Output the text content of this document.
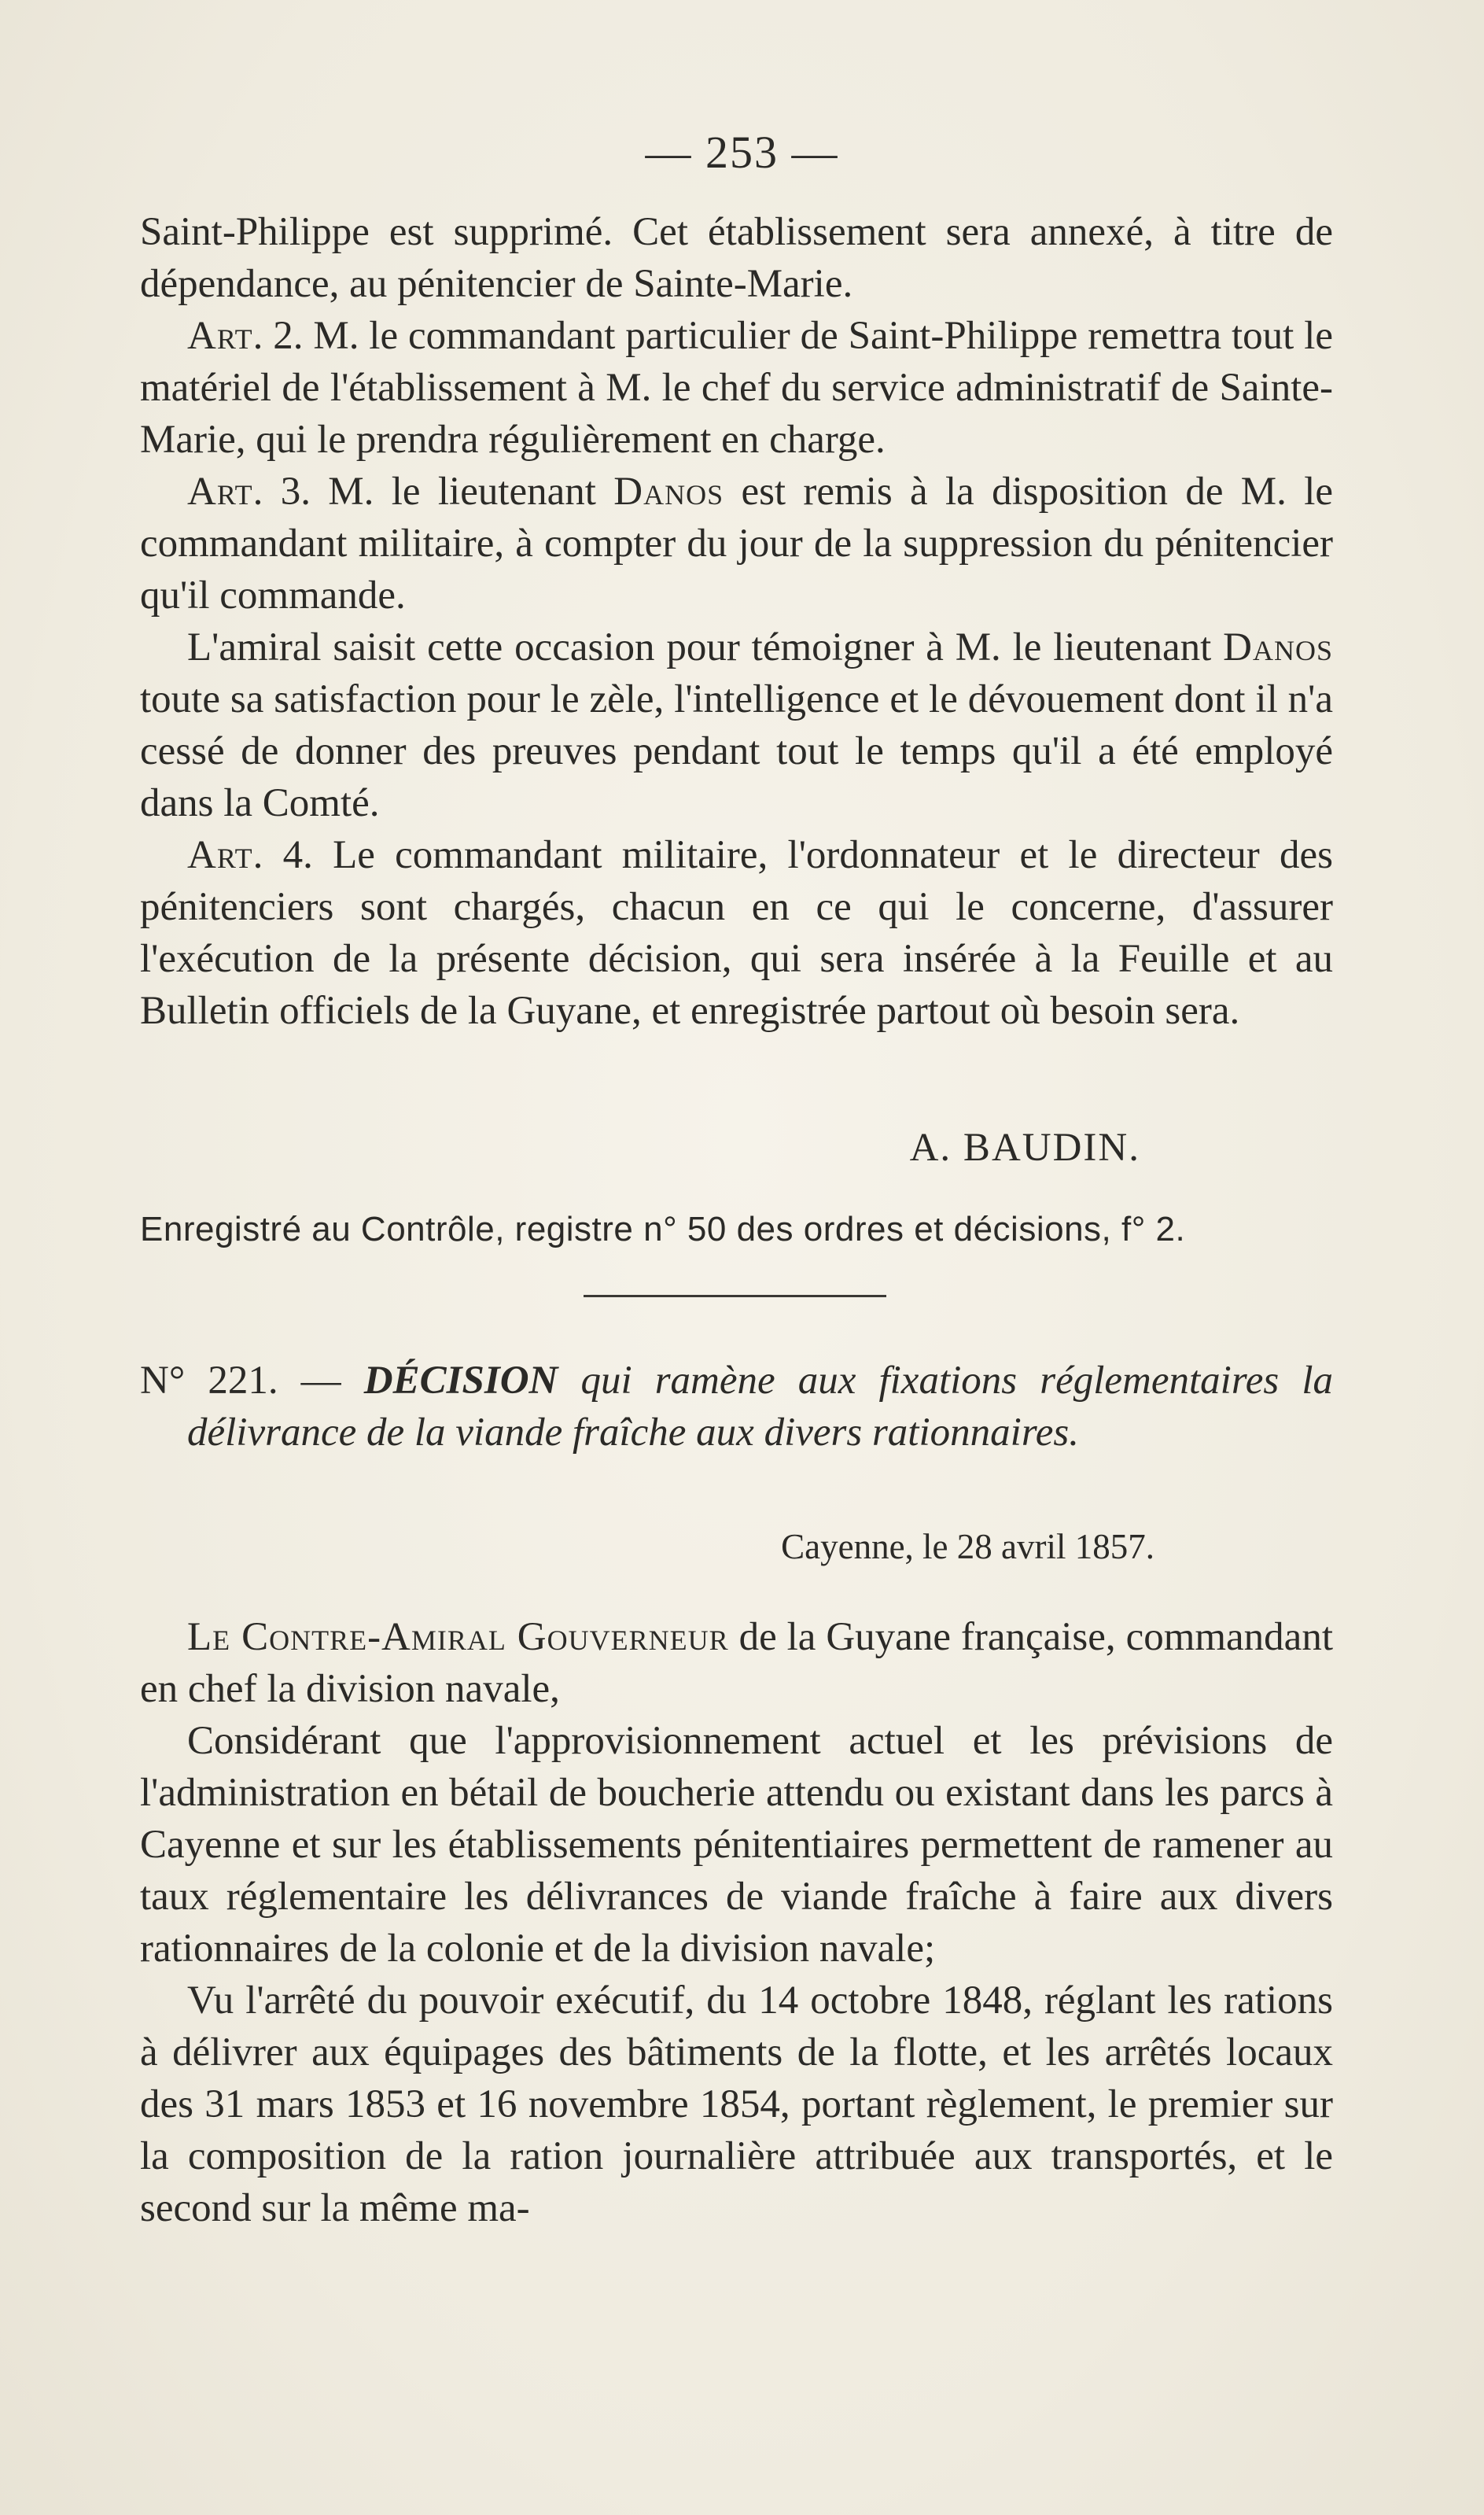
— 253 —

Saint-Philippe est supprimé. Cet établissement sera annexé, à titre de dépendance, au pénitencier de Sainte-Marie.

Art. 2. M. le commandant particulier de Saint-Philippe remettra tout le matériel de l'établissement à M. le chef du service administratif de Sainte-Marie, qui le prendra régulièrement en charge.

Art. 3. M. le lieutenant Danos est remis à la disposition de M. le commandant militaire, à compter du jour de la suppression du pénitencier qu'il commande.

L'amiral saisit cette occasion pour témoigner à M. le lieutenant Danos toute sa satisfaction pour le zèle, l'intelligence et le dévouement dont il n'a cessé de donner des preuves pendant tout le temps qu'il a été employé dans la Comté.

Art. 4. Le commandant militaire, l'ordonnateur et le directeur des pénitenciers sont chargés, chacun en ce qui le concerne, d'assurer l'exécution de la présente décision, qui sera insérée à la Feuille et au Bulletin officiels de la Guyane, et enregistrée partout où besoin sera.

A. BAUDIN.
Enregistré au Contrôle, registre n° 50 des ordres et décisions, f° 2.

N° 221. — DÉCISION qui ramène aux fixations réglementaires la délivrance de la viande fraîche aux divers rationnaires.

Cayenne, le 28 avril 1857.

Le Contre-Amiral Gouverneur de la Guyane française, commandant en chef la division navale,

Considérant que l'approvisionnement actuel et les prévisions de l'administration en bétail de boucherie attendu ou existant dans les parcs à Cayenne et sur les établissements pénitentiaires permettent de ramener au taux réglementaire les délivrances de viande fraîche à faire aux divers rationnaires de la colonie et de la division navale;

Vu l'arrêté du pouvoir exécutif, du 14 octobre 1848, réglant les rations à délivrer aux équipages des bâtiments de la flotte, et les arrêtés locaux des 31 mars 1853 et 16 novembre 1854, portant règlement, le premier sur la composition de la ration journalière attribuée aux transportés, et le second sur la même ma-
